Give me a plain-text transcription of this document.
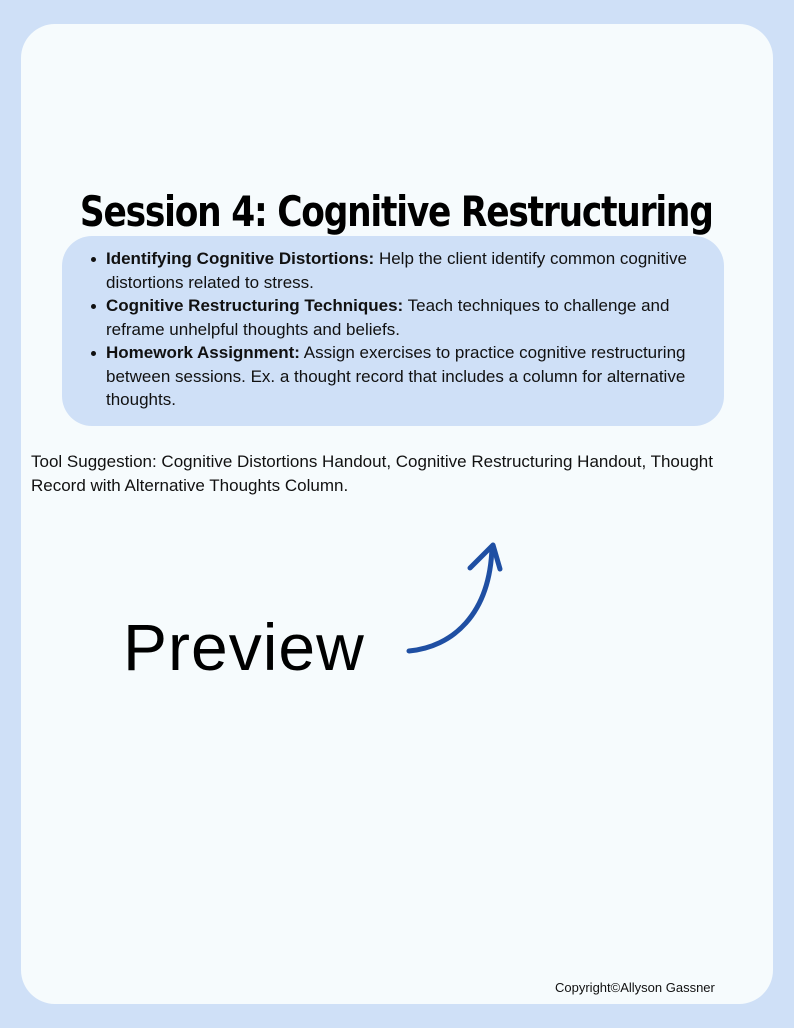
Session 4: Cognitive Restructuring
Identifying Cognitive Distortions: Help the client identify common cognitive distortions related to stress.
Cognitive Restructuring Techniques: Teach techniques to challenge and reframe unhelpful thoughts and beliefs.
Homework Assignment: Assign exercises to practice cognitive restructuring between sessions. Ex. a thought record that includes a column for alternative thoughts.

Tool Suggestion: Cognitive Distortions Handout, Cognitive Restructuring Handout, Thought Record with Alternative Thoughts Column.

Preview

Copyright©Allyson Gassner
